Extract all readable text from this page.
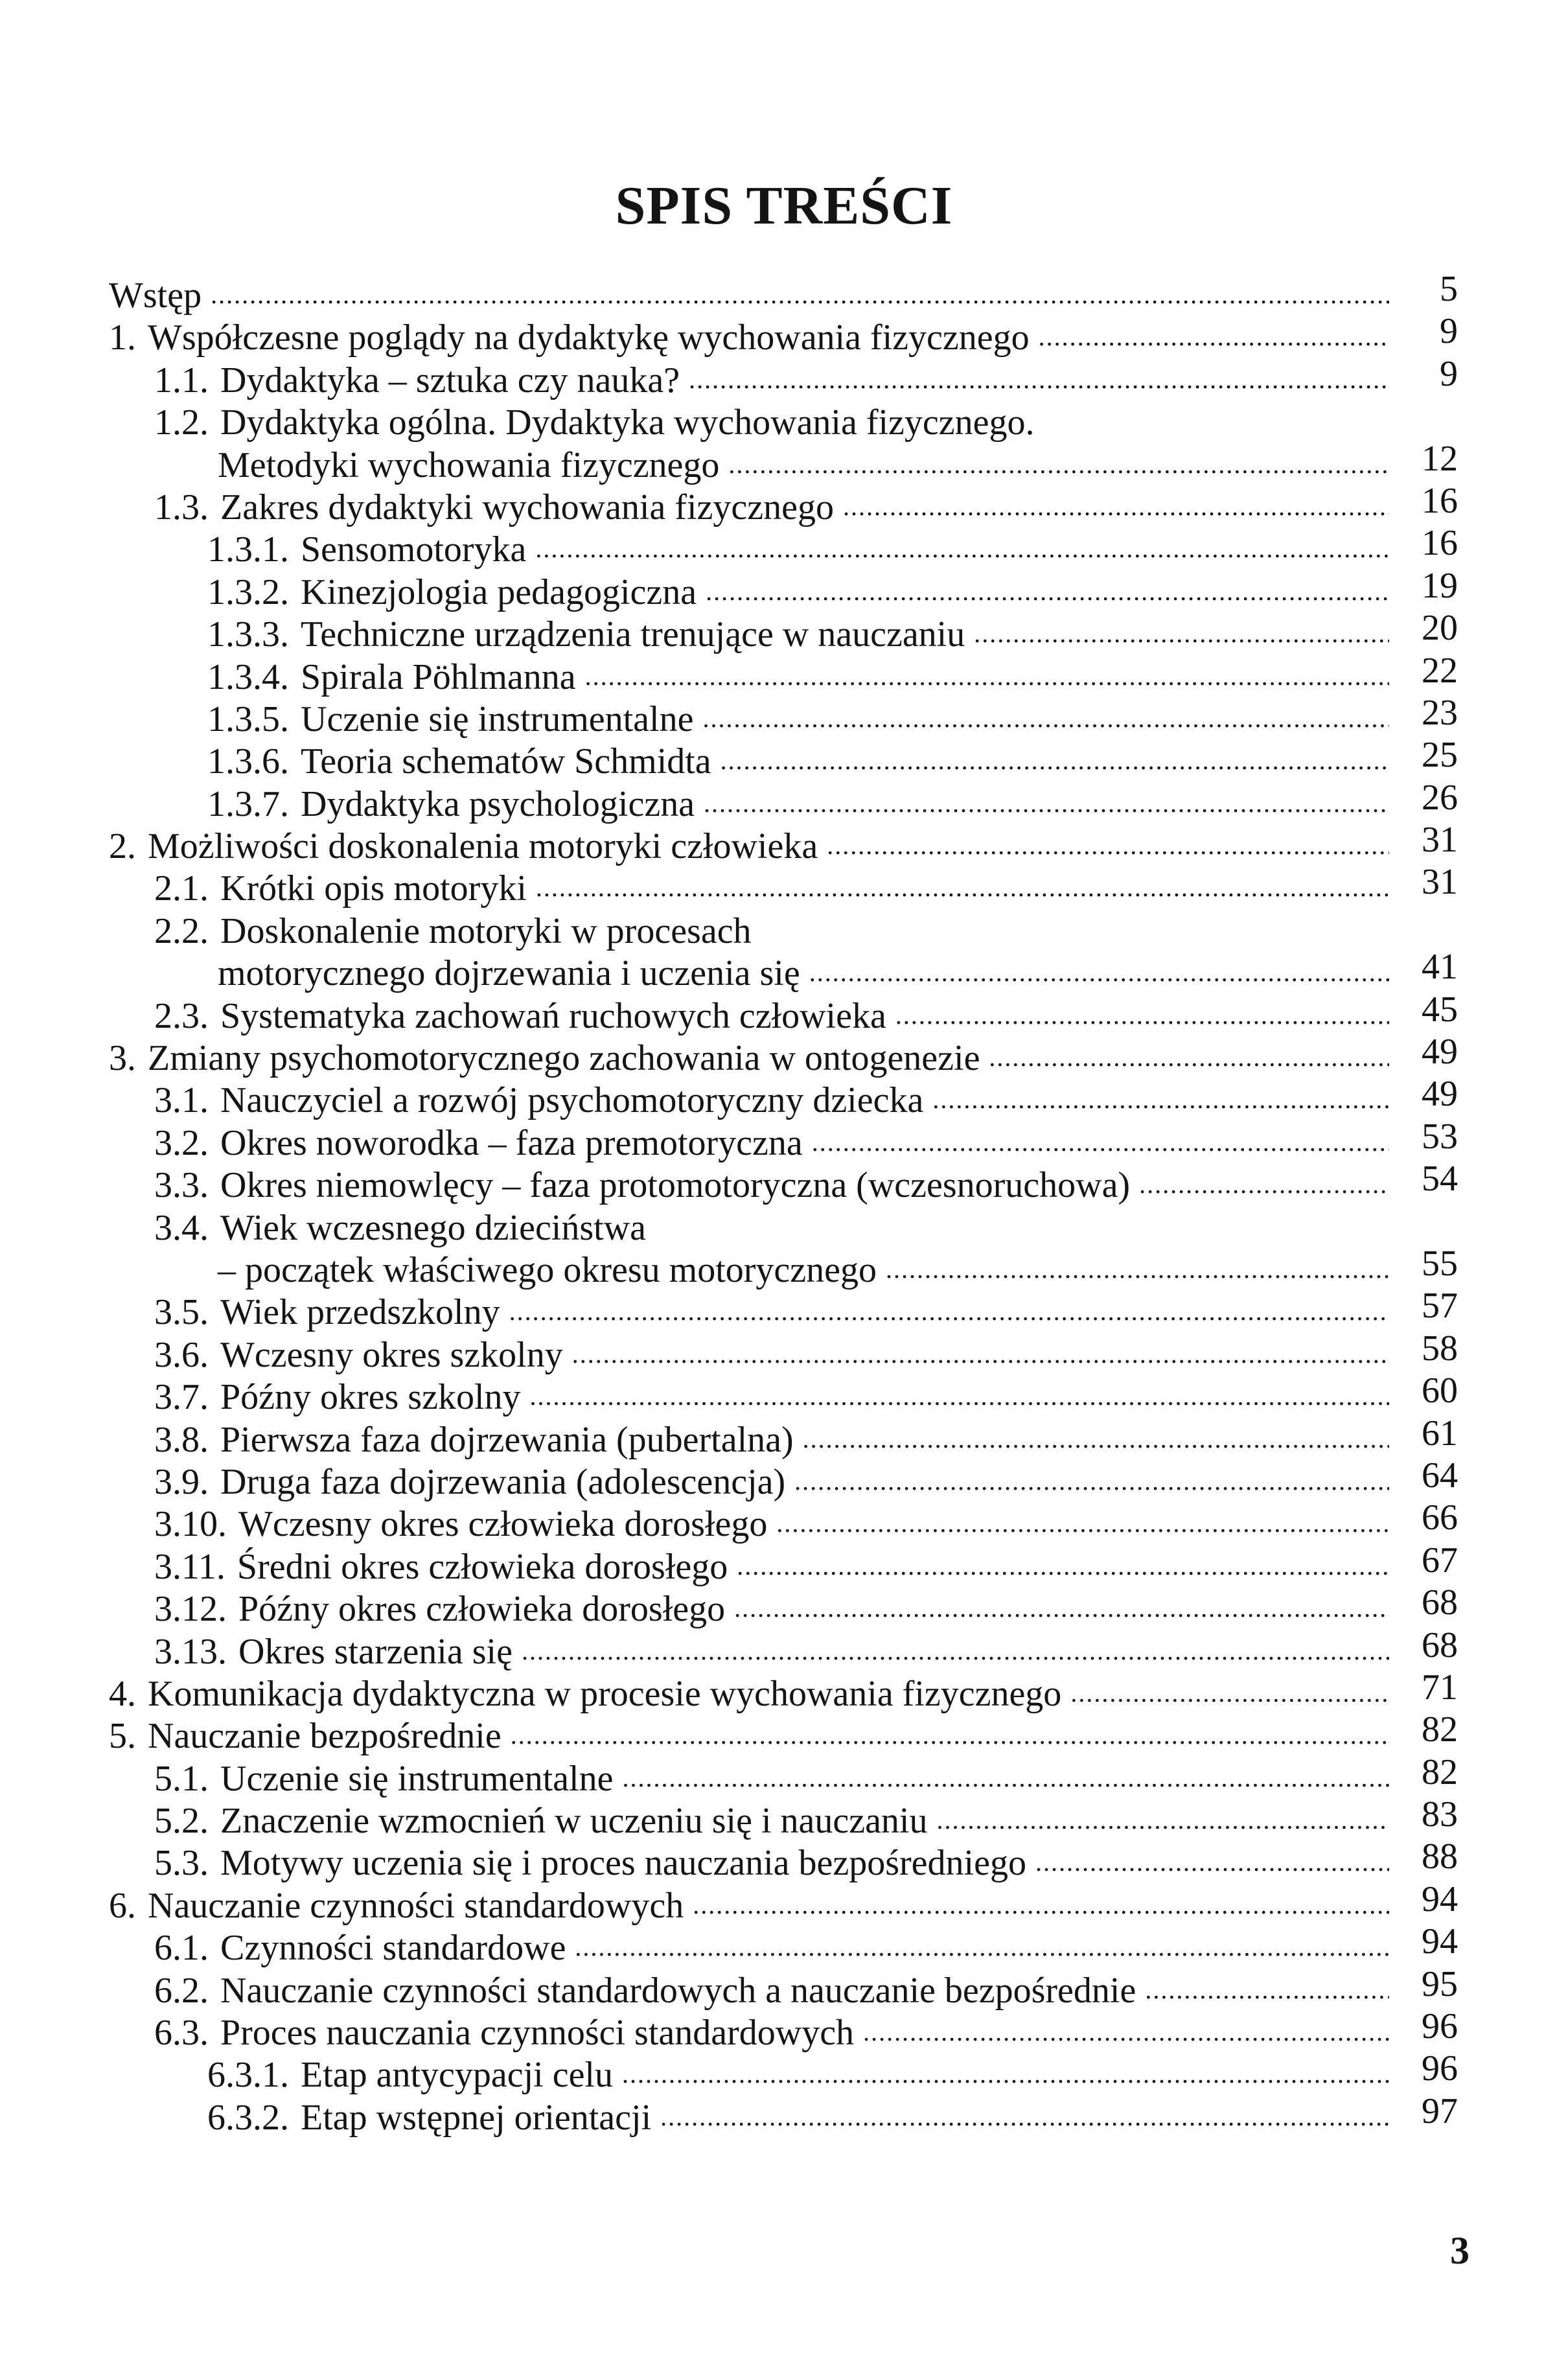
SPIS TREŚCI
Wstęp .....	5
1. Współczesne poglądy na dydaktykę wychowania fizycznego .....	9
1.1. Dydaktyka – sztuka czy nauka? .....	9
1.2. Dydaktyka ogólna. Dydaktyka wychowania fizycznego.
Metodyki wychowania fizycznego .....	12
1.3. Zakres dydaktyki wychowania fizycznego .....	16
1.3.1. Sensomotoryka .....	16
1.3.2. Kinezjologia pedagogiczna .....	19
1.3.3. Techniczne urządzenia trenujące w nauczaniu .....	20
1.3.4. Spirala Pöhlmanna .....	22
1.3.5. Uczenie się instrumentalne .....	23
1.3.6. Teoria schematów Schmidta .....	25
1.3.7. Dydaktyka psychologiczna .....	26
2. Możliwości doskonalenia motoryki człowieka .....	31
2.1. Krótki opis motoryki .....	31
2.2. Doskonalenie motoryki w procesach
motorycznego dojrzewania i uczenia się .....	41
2.3. Systematyka zachowań ruchowych człowieka .....	45
3. Zmiany psychomotorycznego zachowania w ontogenezie .....	49
3.1. Nauczyciel a rozwój psychomotoryczny dziecka .....	49
3.2. Okres noworodka – faza premotoryczna .....	53
3.3. Okres niemowlęcy – faza protomotoryczna (wczesnoruchowa) .....	54
3.4. Wiek wczesnego dzieciństwa
– początek właściwego okresu motorycznego .....	55
3.5. Wiek przedszkolny .....	57
3.6. Wczesny okres szkolny .....	58
3.7. Późny okres szkolny .....	60
3.8. Pierwsza faza dojrzewania (pubertalna) .....	61
3.9. Druga faza dojrzewania (adolescencja) .....	64
3.10. Wczesny okres człowieka dorosłego .....	66
3.11. Średni okres człowieka dorosłego .....	67
3.12. Późny okres człowieka dorosłego .....	68
3.13. Okres starzenia się .....	68
4. Komunikacja dydaktyczna w procesie wychowania fizycznego .....	71
5. Nauczanie bezpośrednie .....	82
5.1. Uczenie się instrumentalne .....	82
5.2. Znaczenie wzmocnień w uczeniu się i nauczaniu .....	83
5.3. Motywy uczenia się i proces nauczania bezpośredniego .....	88
6. Nauczanie czynności standardowych .....	94
6.1. Czynności standardowe .....	94
6.2. Nauczanie czynności standardowych a nauczanie bezpośrednie .....	95
6.3. Proces nauczania czynności standardowych .....	96
6.3.1. Etap antycypacji celu .....	96
6.3.2. Etap wstępnej orientacji .....	97
3
